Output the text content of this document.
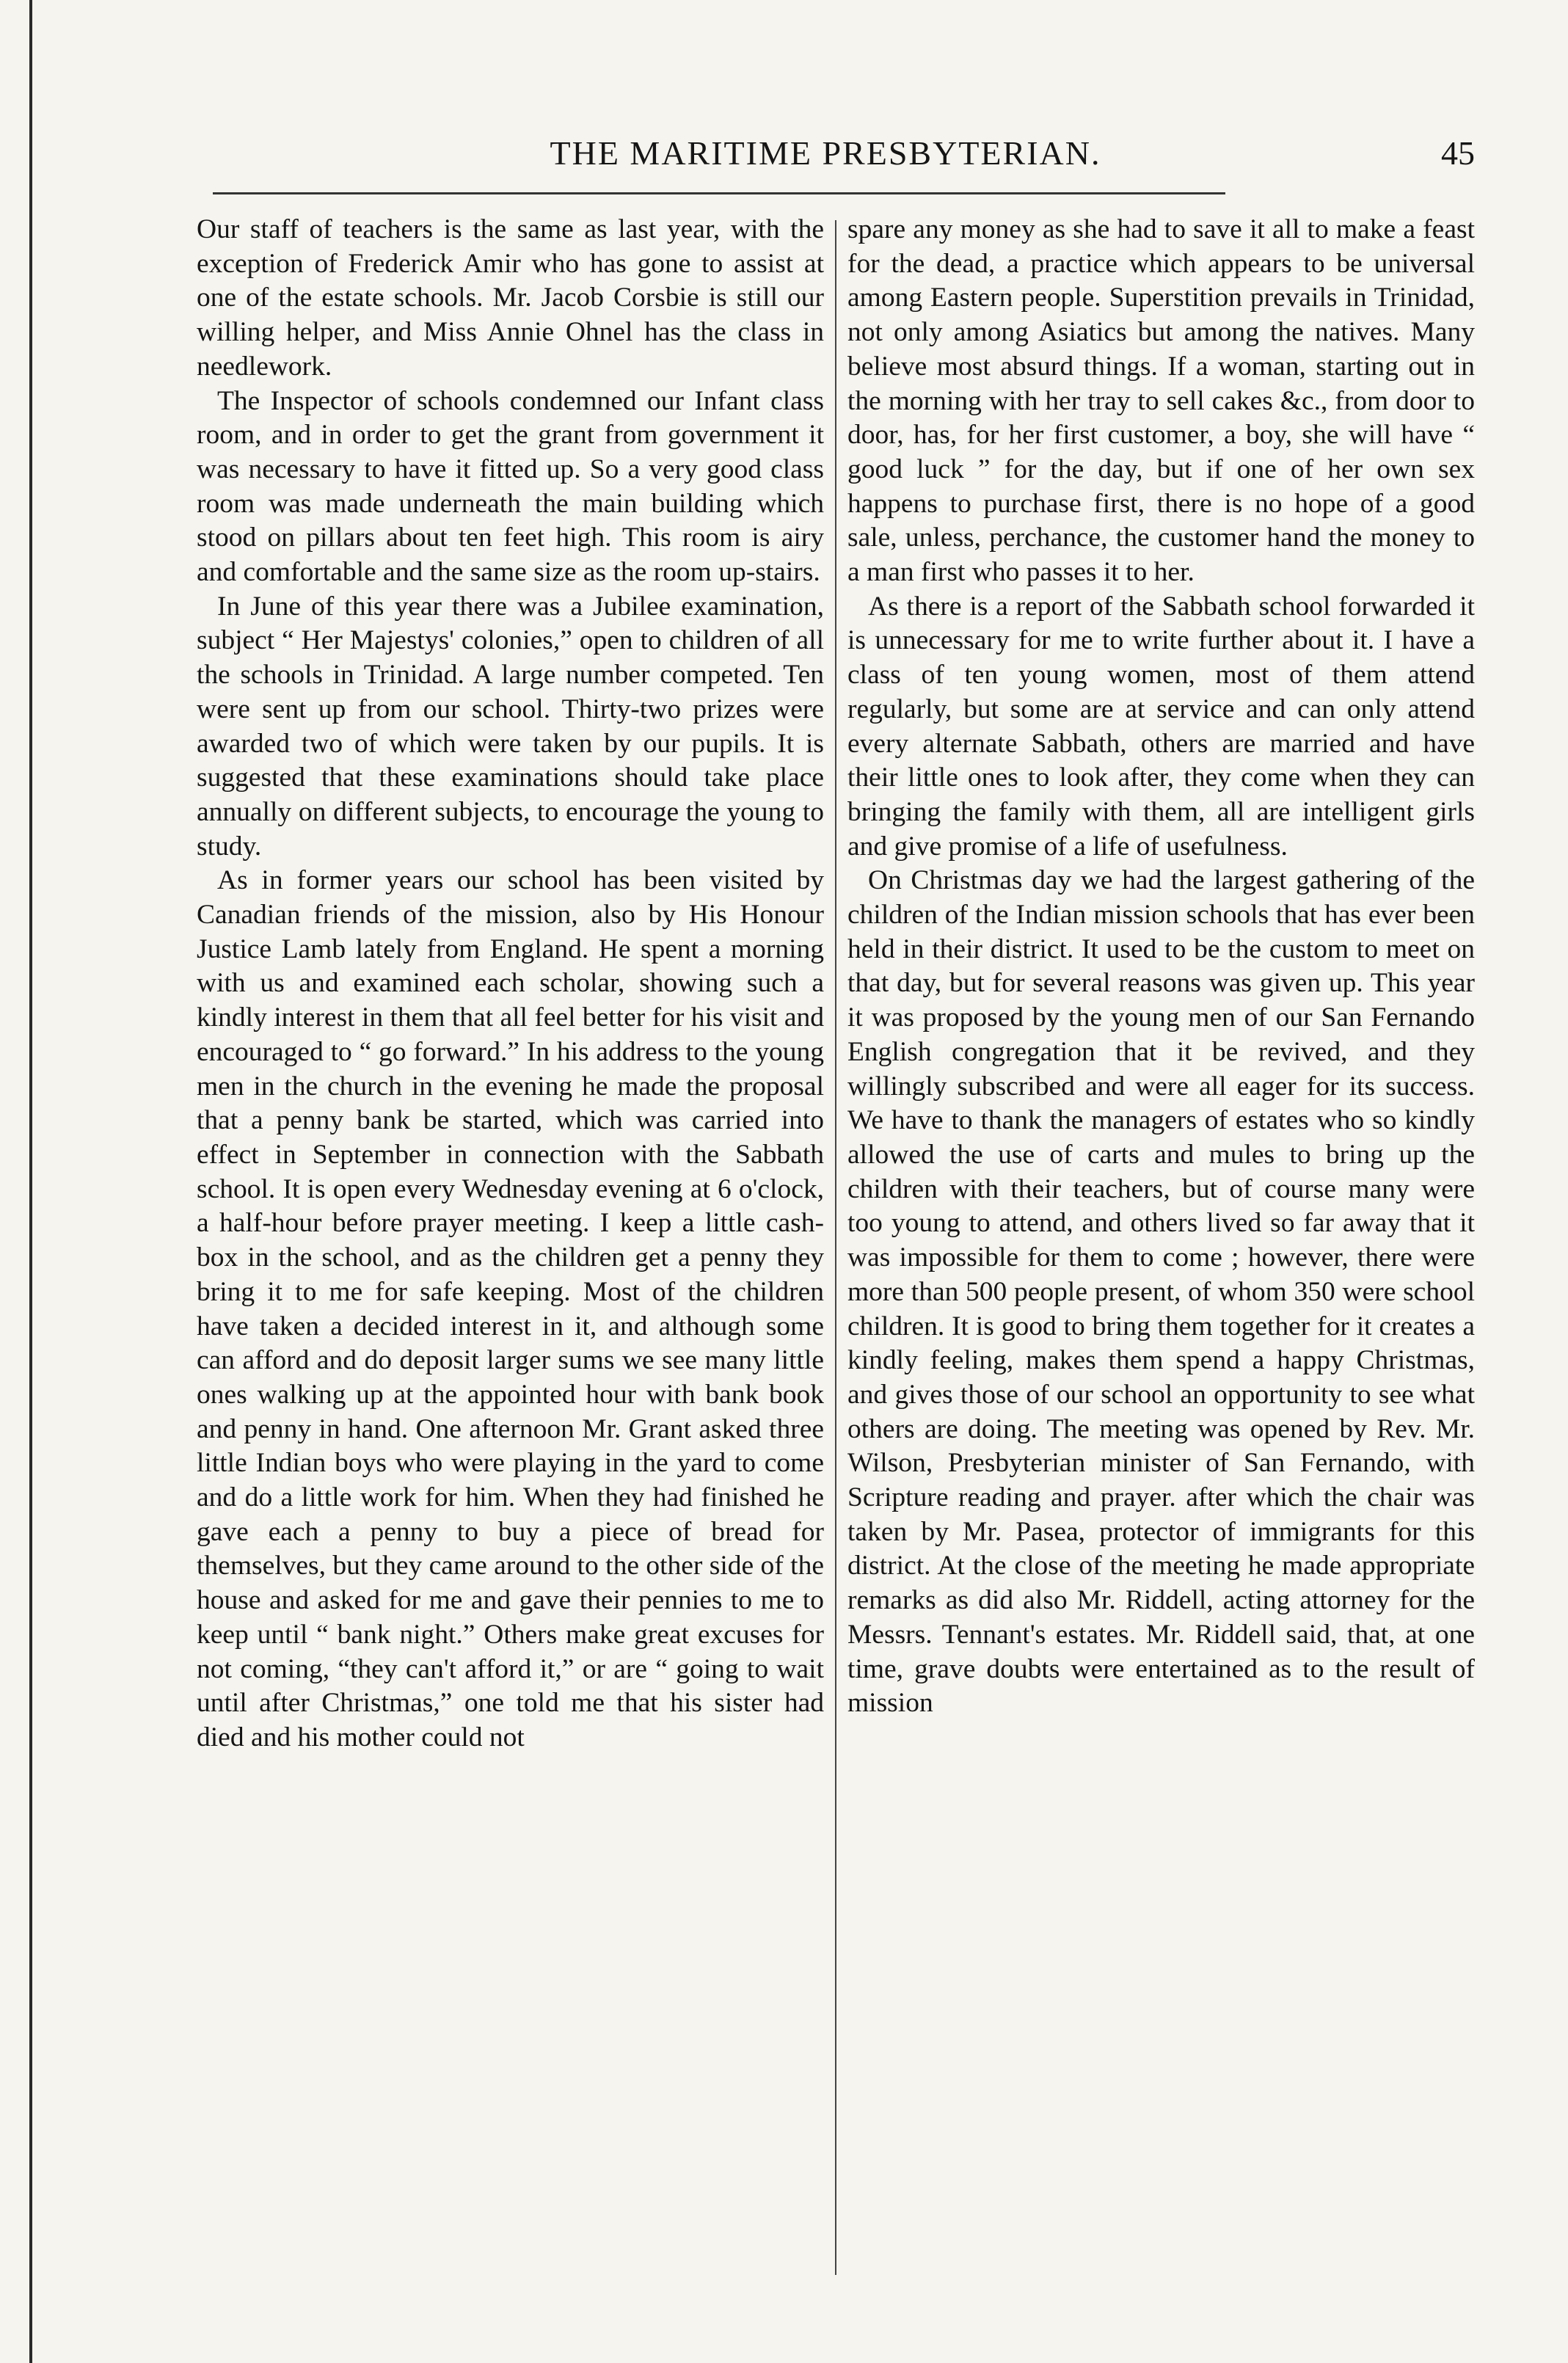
THE MARITIME PRESBYTERIAN.	45

Our staff of teachers is the same as last year, with the exception of Frederick Amir who has gone to assist at one of the estate schools. Mr. Jacob Corsbie is still our willing helper, and Miss Annie Ohnel has the class in needlework.

The Inspector of schools condemned our Infant class room, and in order to get the grant from government it was necessary to have it fitted up. So a very good class room was made underneath the main building which stood on pillars about ten feet high. This room is airy and comfortable and the same size as the room up-stairs.

In June of this year there was a Jubilee examination, subject “ Her Majestys' colonies,” open to children of all the schools in Trinidad. A large number competed. Ten were sent up from our school. Thirty-two prizes were awarded two of which were taken by our pupils. It is suggested that these examinations should take place annually on different subjects, to encourage the young to study.

As in former years our school has been visited by Canadian friends of the mission, also by His Honour Justice Lamb lately from England. He spent a morning with us and examined each scholar, showing such a kindly interest in them that all feel better for his visit and encouraged to “ go forward.” In his address to the young men in the church in the evening he made the proposal that a penny bank be started, which was carried into effect in September in connection with the Sabbath school. It is open every Wednesday evening at 6 o'clock, a half-hour before prayer meeting. I keep a little cash-box in the school, and as the children get a penny they bring it to me for safe keeping. Most of the children have taken a decided interest in it, and although some can afford and do deposit larger sums we see many little ones walking up at the appointed hour with bank book and penny in hand. One afternoon Mr. Grant asked three little Indian boys who were playing in the yard to come and do a little work for him. When they had finished he gave each a penny to buy a piece of bread for themselves, but they came around to the other side of the house and asked for me and gave their pennies to me to keep until “ bank night.” Others make great excuses for not coming, “they can't afford it,” or are “ going to wait until after Christmas,” one told me that his sister had died and his mother could not

spare any money as she had to save it all to make a feast for the dead, a practice which appears to be universal among Eastern people. Superstition prevails in Trinidad, not only among Asiatics but among the natives. Many believe most absurd things. If a woman, starting out in the morning with her tray to sell cakes &c., from door to door, has, for her first customer, a boy, she will have “ good luck ” for the day, but if one of her own sex happens to purchase first, there is no hope of a good sale, unless, perchance, the customer hand the money to a man first who passes it to her.

As there is a report of the Sabbath school forwarded it is unnecessary for me to write further about it. I have a class of ten young women, most of them attend regularly, but some are at service and can only attend every alternate Sabbath, others are married and have their little ones to look after, they come when they can bringing the family with them, all are intelligent girls and give promise of a life of usefulness.

On Christmas day we had the largest gathering of the children of the Indian mission schools that has ever been held in their district. It used to be the custom to meet on that day, but for several reasons was given up. This year it was proposed by the young men of our San Fernando English congregation that it be revived, and they willingly subscribed and were all eager for its success. We have to thank the managers of estates who so kindly allowed the use of carts and mules to bring up the children with their teachers, but of course many were too young to attend, and others lived so far away that it was impossible for them to come ; however, there were more than 500 people present, of whom 350 were school children. It is good to bring them together for it creates a kindly feeling, makes them spend a happy Christmas, and gives those of our school an opportunity to see what others are doing. The meeting was opened by Rev. Mr. Wilson, Presbyterian minister of San Fernando, with Scripture reading and prayer. after which the chair was taken by Mr. Pasea, protector of immigrants for this district. At the close of the meeting he made appropriate remarks as did also Mr. Riddell, acting attorney for the Messrs. Tennant's estates. Mr. Riddell said, that, at one time, grave doubts were entertained as to the result of mission
